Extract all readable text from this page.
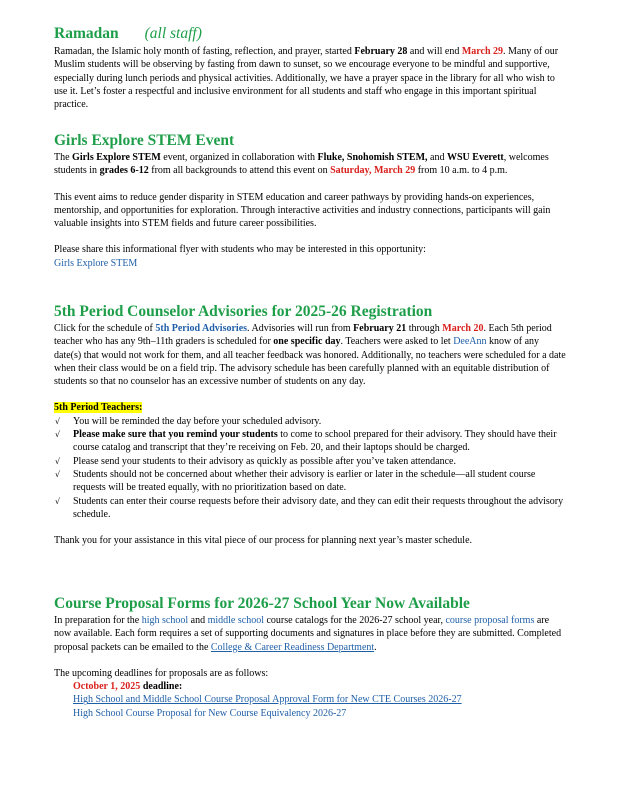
Ramadan (all staff)

Ramadan, the Islamic holy month of fasting, reflection, and prayer, started February 28 and will end March 29. Many of our Muslim students will be observing by fasting from dawn to sunset, so we encourage everyone to be mindful and supportive, especially during lunch periods and physical activities. Additionally, we have a prayer space in the library for all who wish to use it. Let’s foster a respectful and inclusive environment for all students and staff who engage in this important spiritual practice.

Girls Explore STEM Event

The Girls Explore STEM event, organized in collaboration with Fluke, Snohomish STEM, and WSU Everett, welcomes students in grades 6-12 from all backgrounds to attend this event on Saturday, March 29 from 10 a.m. to 4 p.m.

This event aims to reduce gender disparity in STEM education and career pathways by providing hands-on experiences, mentorship, and opportunities for exploration. Through interactive activities and industry connections, participants will gain valuable insights into STEM fields and future career possibilities.

Please share this informational flyer with students who may be interested in this opportunity:

Girls Explore STEM

5th Period Counselor Advisories for 2025-26 Registration

Click for the schedule of 5th Period Advisories. Advisories will run from February 21 through March 20. Each 5th period teacher who has any 9th–11th graders is scheduled for one specific day. Teachers were asked to let DeeAnn know of any date(s) that would not work for them, and all teacher feedback was honored. Additionally, no teachers were scheduled for a date when their class would be on a field trip. The advisory schedule has been carefully planned with an equitable distribution of students so that no counselor has an excessive number of students on any day.

5th Period Teachers:

√ You will be reminded the day before your scheduled advisory.
√ Please make sure that you remind your students to come to school prepared for their advisory. They should have their course catalog and transcript that they’re receiving on Feb. 20, and their laptops should be charged.
√ Please send your students to their advisory as quickly as possible after you’ve taken attendance.
√ Students should not be concerned about whether their advisory is earlier or later in the schedule—all student course requests will be treated equally, with no prioritization based on date.
√ Students can enter their course requests before their advisory date, and they can edit their requests throughout the advisory schedule.

Thank you for your assistance in this vital piece of our process for planning next year’s master schedule.

Course Proposal Forms for 2026-27 School Year Now Available

In preparation for the high school and middle school course catalogs for the 2026-27 school year, course proposal forms are now available. Each form requires a set of supporting documents and signatures in place before they are submitted. Completed proposal packets can be emailed to the College & Career Readiness Department.

The upcoming deadlines for proposals are as follows:

October 1, 2025 deadline:

High School and Middle School Course Proposal Approval Form for New CTE Courses 2026-27

High School Course Proposal for New Course Equivalency 2026-27
